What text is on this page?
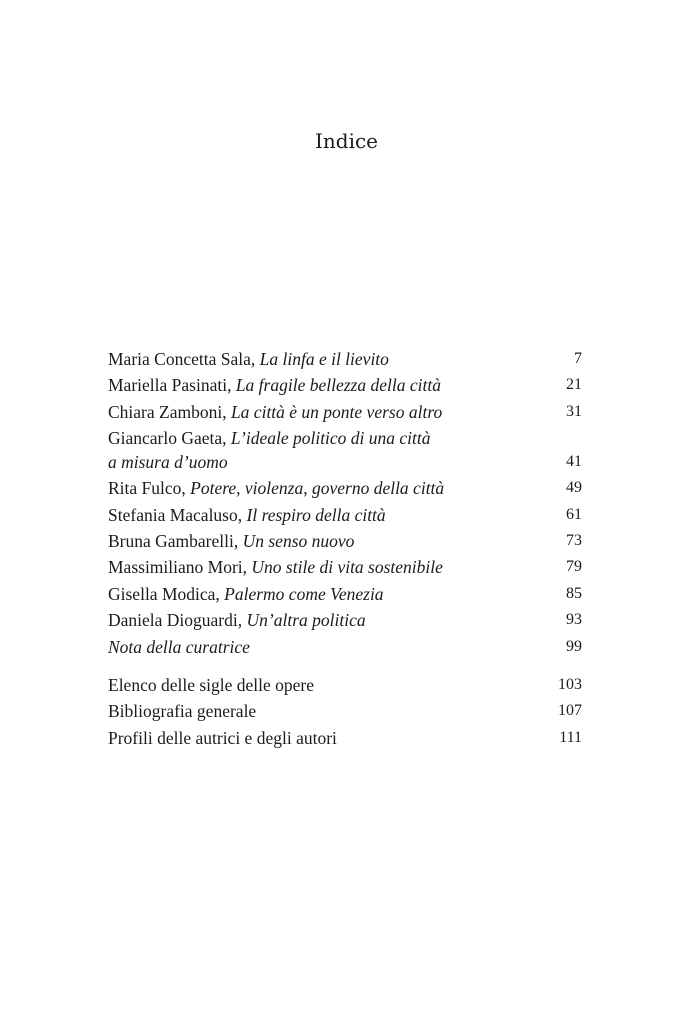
Indice
Maria Concetta Sala, La linfa e il lievito	7
Mariella Pasinati, La fragile bellezza della città	21
Chiara Zamboni, La città è un ponte verso altro	31
Giancarlo Gaeta, L’ideale politico di una città
a misura d’uomo	41
Rita Fulco, Potere, violenza, governo della città	49
Stefania Macaluso, Il respiro della città	61
Bruna Gambarelli, Un senso nuovo	73
Massimiliano Mori, Uno stile di vita sostenibile	79
Gisella Modica, Palermo come Venezia	85
Daniela Dioguardi, Un’altra politica	93
Nota della curatrice	99
Elenco delle sigle delle opere	103
Bibliografia generale	107
Profili delle autrici e degli autori	111
